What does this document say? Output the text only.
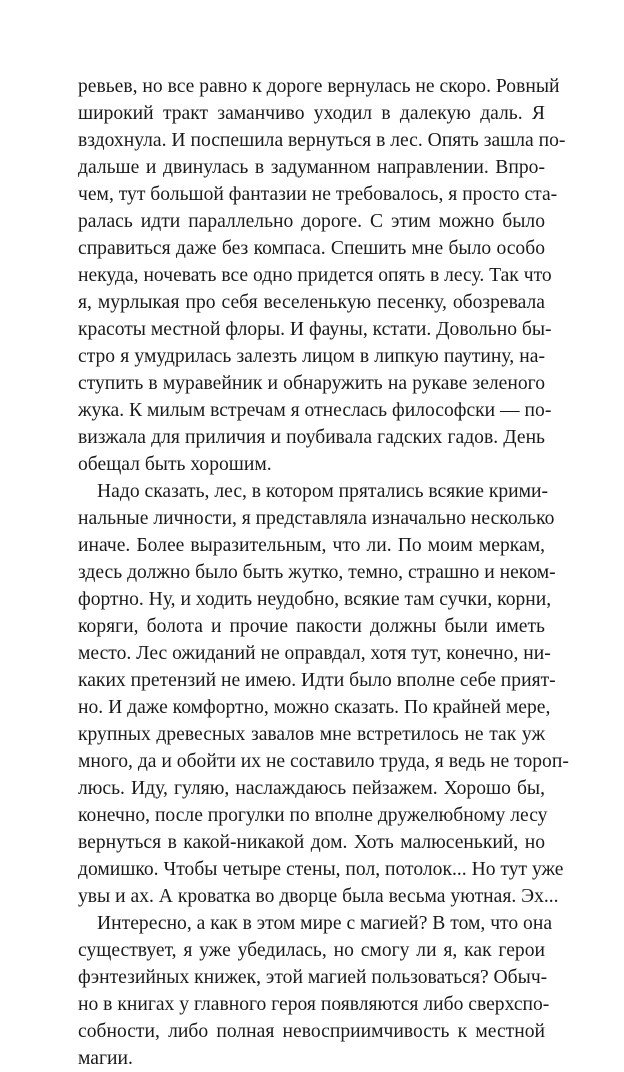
ревьев, но все равно к дороге вернулась не скоро. Ровный
широкий тракт заманчиво уходил в далекую даль. Я
вздохнула. И поспешила вернуться в лес. Опять зашла по-
дальше и двинулась в задуманном направлении. Впро-
чем, тут большой фантазии не требовалось, я просто ста-
ралась идти параллельно дороге. С этим можно было
справиться даже без компаса. Спешить мне было особо
некуда, ночевать все одно придется опять в лесу. Так что
я, мурлыкая про себя веселенькую песенку, обозревала
красоты местной флоры. И фауны, кстати. Довольно бы-
стро я умудрилась залезть лицом в липкую паутину, на-
ступить в муравейник и обнаружить на рукаве зеленого
жука. К милым встречам я отнеслась философски — по-
визжала для приличия и поубивала гадских гадов. День
обещал быть хорошим.
Надо сказать, лес, в котором прятались всякие крими-
нальные личности, я представляла изначально несколько
иначе. Более выразительным, что ли. По моим меркам,
здесь должно было быть жутко, темно, страшно и неком-
фортно. Ну, и ходить неудобно, всякие там сучки, корни,
коряги, болота и прочие пакости должны были иметь
место. Лес ожиданий не оправдал, хотя тут, конечно, ни-
каких претензий не имею. Идти было вполне себе прият-
но. И даже комфортно, можно сказать. По крайней мере,
крупных древесных завалов мне встретилось не так уж
много, да и обойти их не составило труда, я ведь не тороп-
люсь. Иду, гуляю, наслаждаюсь пейзажем. Хорошо бы,
конечно, после прогулки по вполне дружелюбному лесу
вернуться в какой-никакой дом. Хоть малюсенький, но
домишко. Чтобы четыре стены, пол, потолок... Но тут уже
увы и ах. А кроватка во дворце была весьма уютная. Эх...
Интересно, а как в этом мире с магией? В том, что она
существует, я уже убедилась, но смогу ли я, как герои
фэнтезийных книжек, этой магией пользоваться? Обыч-
но в книгах у главного героя появляются либо сверхспо-
собности, либо полная невосприимчивость к местной
магии.
